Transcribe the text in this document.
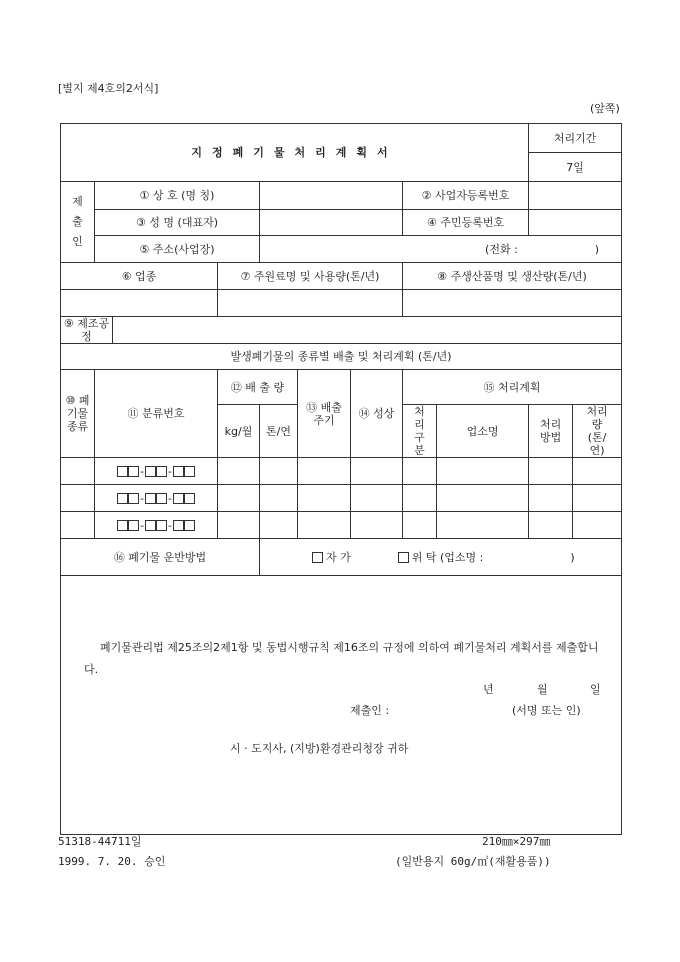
[별지 제4호의2서식]
(앞쪽)
지정폐기물처리계획서									처리기간	
									7일	
제
출
인	① 상 호 (명 칭)						② 사업자등록번호			
	③ 성 명 (대표자)						④ 주민등록번호			
	⑤ 주소(사업장)			(전화 : )						
⑥ 업종			⑦ 주원료명 및 사용량(톤/년)				⑧ 주생산품명 및 생산량(톤/년)			

⑨ 제조공정										
발생폐기물의 종류별 배출 및 처리계획 (톤/년)										
⑩ 폐기물종류	⑪ 분류번호		⑫ 배 출 량		⑬ 배출주기	⑭ 성상	⑮ 처리계획			
			kg/월	톤/연			처리구분	업소명	처리방법	처리량(톤/연)
	- -									
	- -									
	- -									
⑯ 폐기물 운반방법				자 가 위 탁 (업소명 : )						

폐기물관리법 제25조의2제1항 및 동법시행규칙 제16조의 규정에 의하여 폐기물처리 계획서를 제출합니다.
년	월	일
제출인 :	(서명 또는 인)
시 · 도지사, (지방)환경관리청장 귀하
51318-44711일
1999. 7. 20. 승인
210㎜×297㎜
(일반용지 60g/㎡(재활용품))
